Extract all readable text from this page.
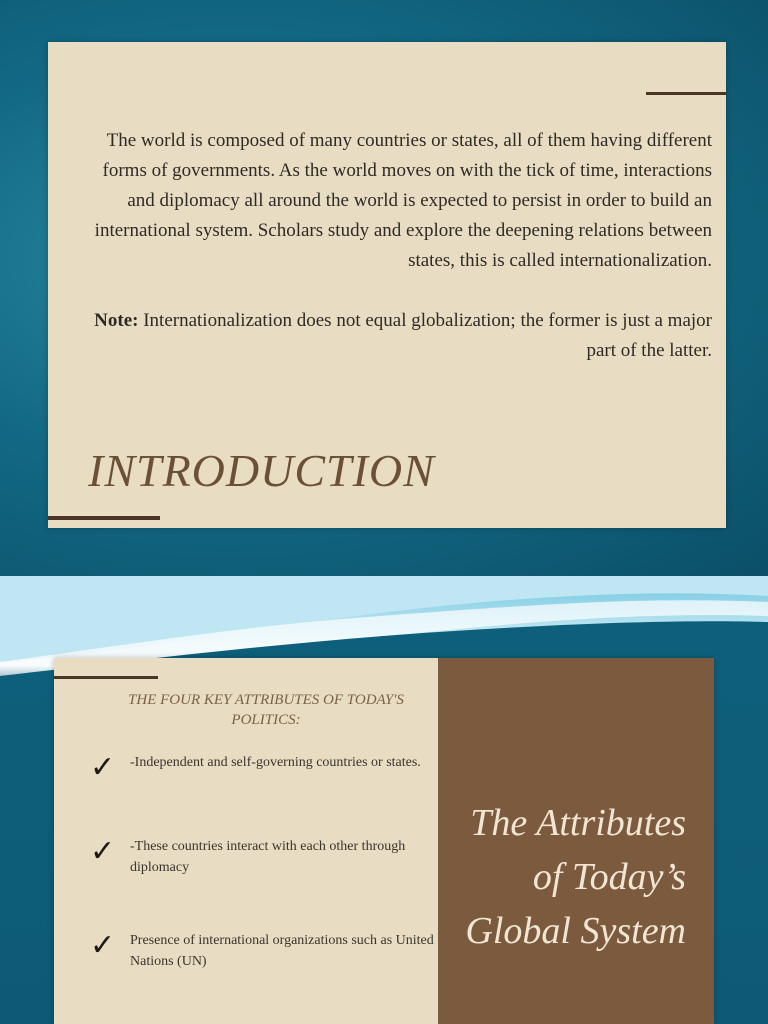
The world is composed of many countries or states, all of them having different forms of governments. As the world moves on with the tick of time, interactions and diplomacy all around the world is expected to persist in order to build an international system. Scholars study and explore the deepening relations between states, this is called internationalization.
Note: Internationalization does not equal globalization; the former is just a major part of the latter.
INTRODUCTION
THE FOUR KEY ATTRIBUTES OF TODAY'S POLITICS:
✓ -Independent and self-governing countries or states.
✓ -These countries interact with each other through diplomacy
✓ Presence of international organizations such as United Nations (UN)
The Attributes of Today’s Global System
